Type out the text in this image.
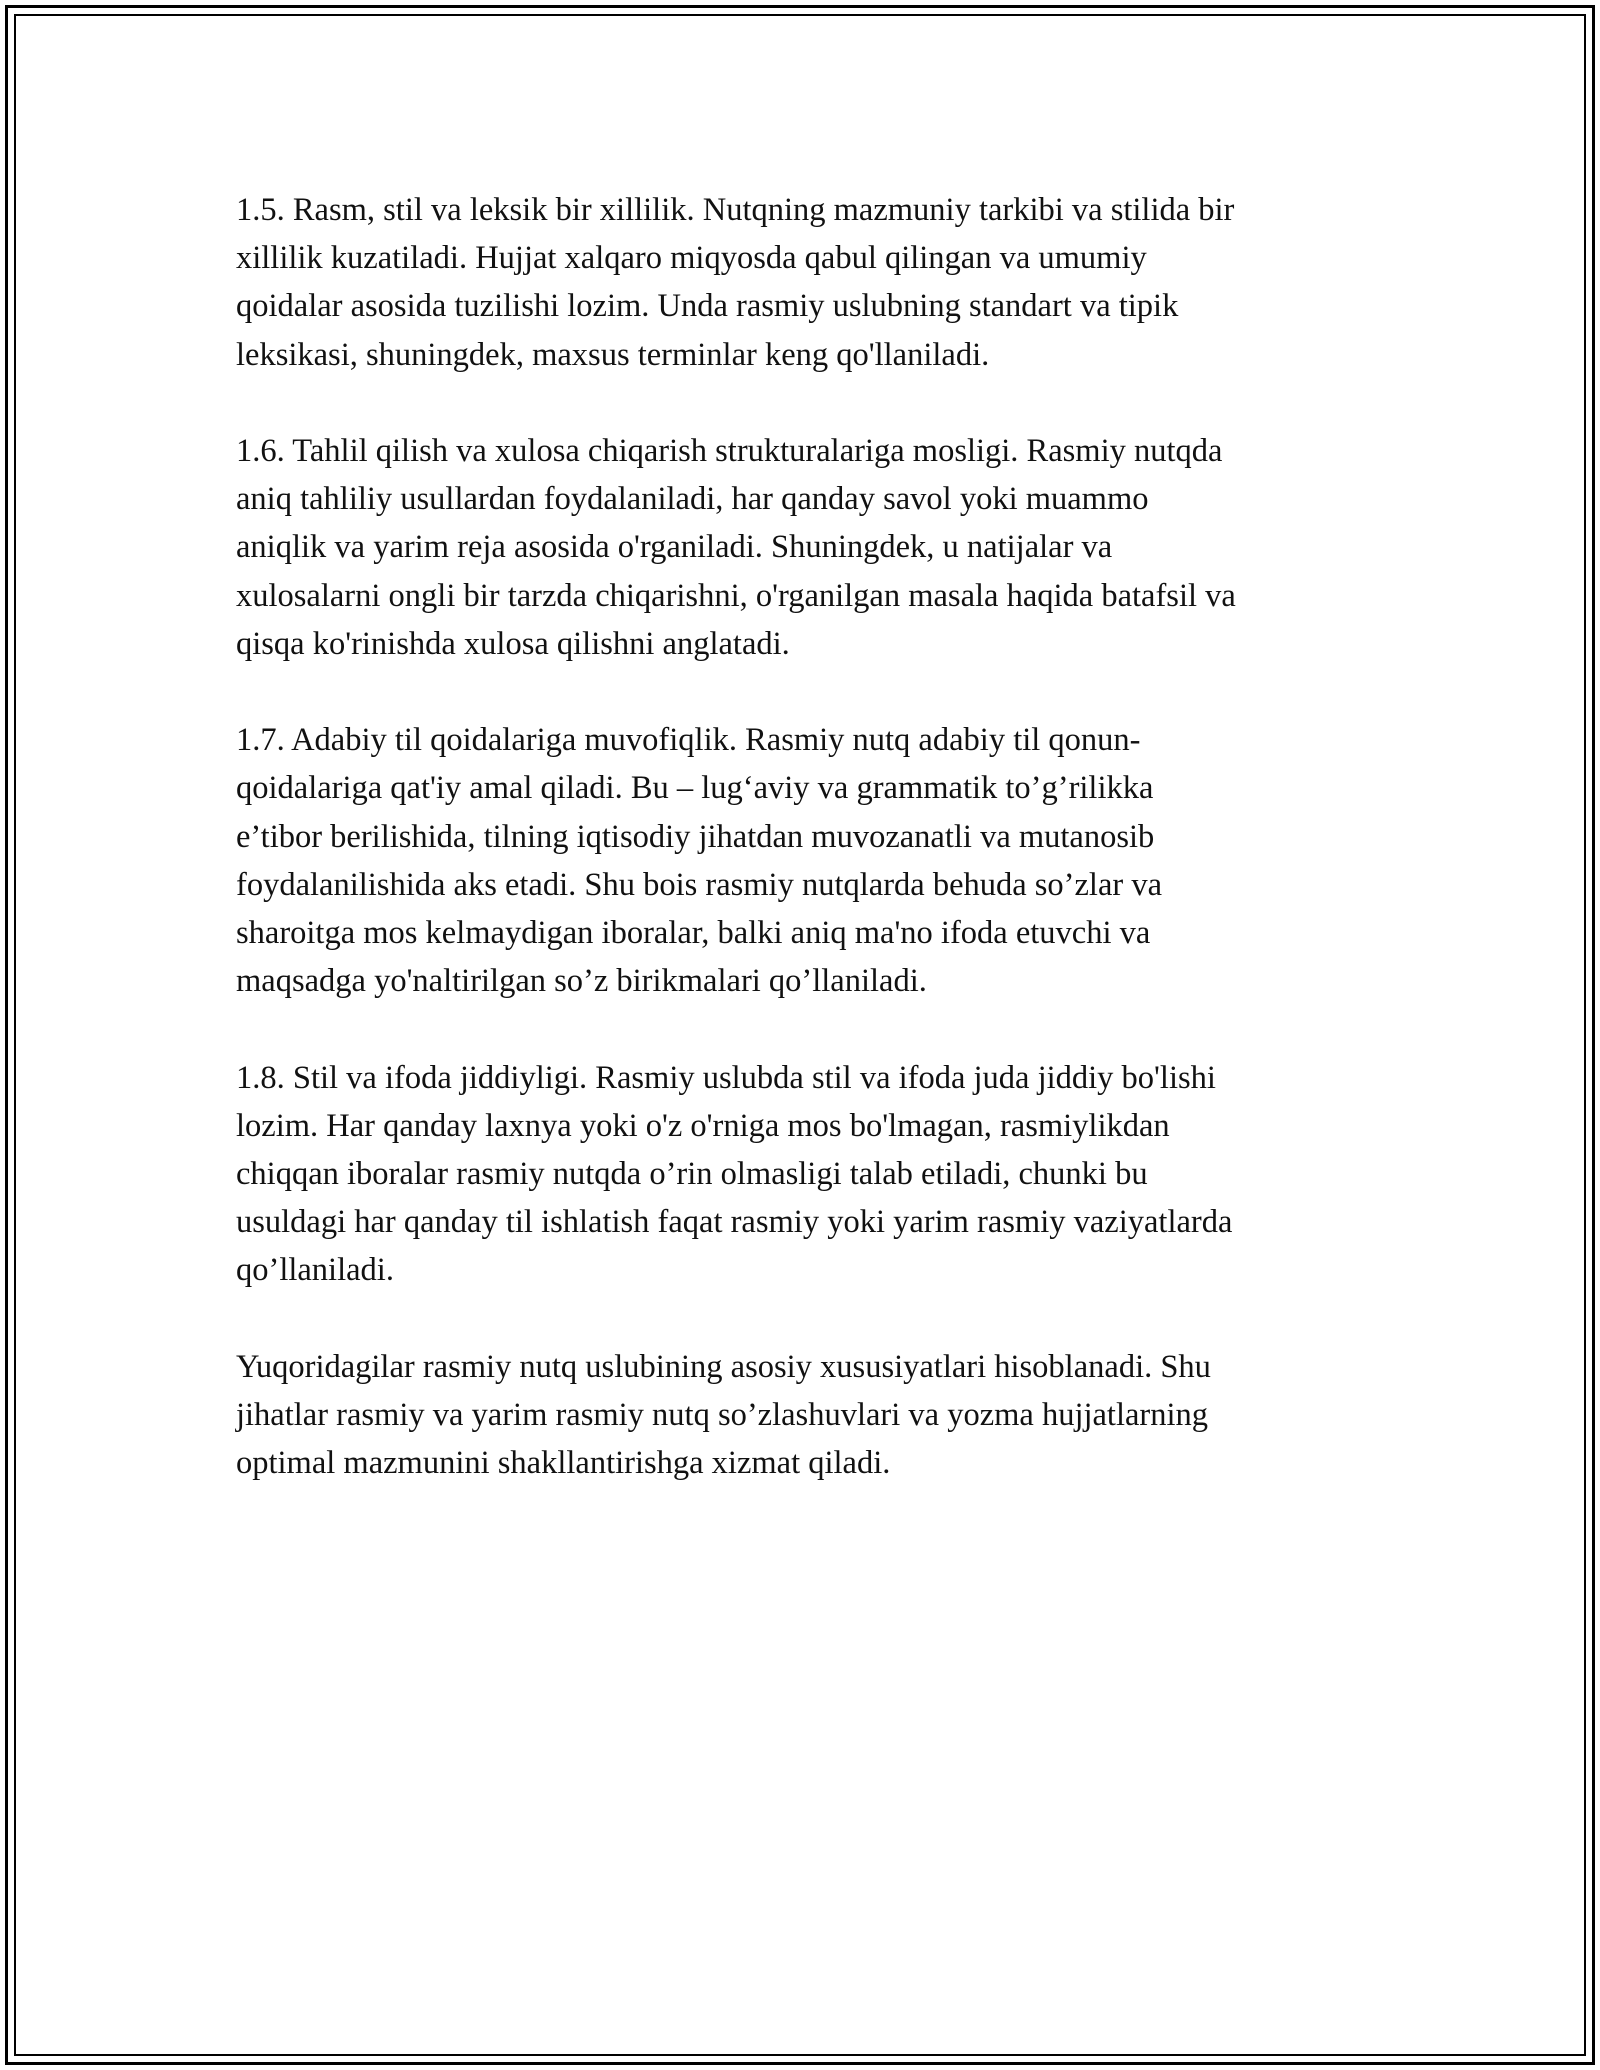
1.5. Rasm, stil va leksik bir xillilik. Nutqning mazmuniy tarkibi va stilida bir
xillilik kuzatiladi. Hujjat xalqaro miqyosda qabul qilingan va umumiy
qoidalar asosida tuzilishi lozim. Unda rasmiy uslubning standart va tipik
leksikasi, shuningdek, maxsus terminlar keng qo'llaniladi.

1.6. Tahlil qilish va xulosa chiqarish strukturalariga mosligi. Rasmiy nutqda
aniq tahliliy usullardan foydalaniladi, har qanday savol yoki muammo
aniqlik va yarim reja asosida o'rganiladi. Shuningdek, u natijalar va
xulosalarni ongli bir tarzda chiqarishni, o'rganilgan masala haqida batafsil va
qisqa ko'rinishda xulosa qilishni anglatadi.

1.7. Adabiy til qoidalariga muvofiqlik. Rasmiy nutq adabiy til qonun-
qoidalariga qat'iy amal qiladi. Bu – lug‘aviy va grammatik to’g’rilikka
e’tibor berilishida, tilning iqtisodiy jihatdan muvozanatli va mutanosib
foydalanilishida aks etadi. Shu bois rasmiy nutqlarda behuda so’zlar va
sharoitga mos kelmaydigan iboralar, balki aniq ma'no ifoda etuvchi va
maqsadga yo'naltirilgan so’z birikmalari qo’llaniladi.

1.8. Stil va ifoda jiddiyligi. Rasmiy uslubda stil va ifoda juda jiddiy bo'lishi
lozim. Har qanday laxnya yoki o'z o'rniga mos bo'lmagan, rasmiylikdan
chiqqan iboralar rasmiy nutqda o’rin olmasligi talab etiladi, chunki bu
usuldagi har qanday til ishlatish faqat rasmiy yoki yarim rasmiy vaziyatlarda
qo’llaniladi.

Yuqoridagilar rasmiy nutq uslubining asosiy xususiyatlari hisoblanadi. Shu
jihatlar rasmiy va yarim rasmiy nutq so’zlashuvlari va yozma hujjatlarning
optimal mazmunini shakllantirishga xizmat qiladi.
